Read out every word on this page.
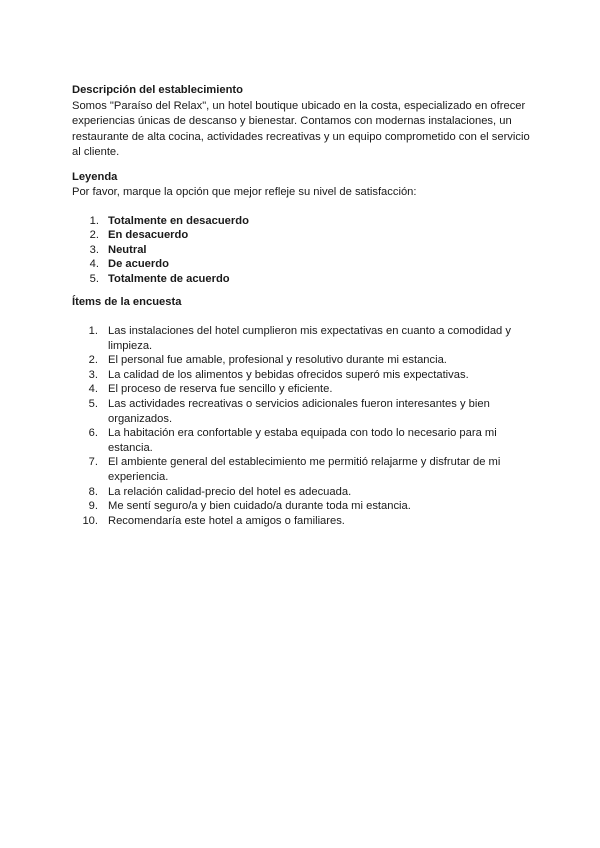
Descripción del establecimiento

Somos "Paraíso del Relax", un hotel boutique ubicado en la costa, especializado en ofrecer experiencias únicas de descanso y bienestar. Contamos con modernas instalaciones, un restaurante de alta cocina, actividades recreativas y un equipo comprometido con el servicio al cliente.

Leyenda

Por favor, marque la opción que mejor refleje su nivel de satisfacción:

1. Totalmente en desacuerdo
2. En desacuerdo
3. Neutral
4. De acuerdo
5. Totalmente de acuerdo

Ítems de la encuesta

1. Las instalaciones del hotel cumplieron mis expectativas en cuanto a comodidad y limpieza.
2. El personal fue amable, profesional y resolutivo durante mi estancia.
3. La calidad de los alimentos y bebidas ofrecidos superó mis expectativas.
4. El proceso de reserva fue sencillo y eficiente.
5. Las actividades recreativas o servicios adicionales fueron interesantes y bien organizados.
6. La habitación era confortable y estaba equipada con todo lo necesario para mi estancia.
7. El ambiente general del establecimiento me permitió relajarme y disfrutar de mi experiencia.
8. La relación calidad-precio del hotel es adecuada.
9. Me sentí seguro/a y bien cuidado/a durante toda mi estancia.
10. Recomendaría este hotel a amigos o familiares.
